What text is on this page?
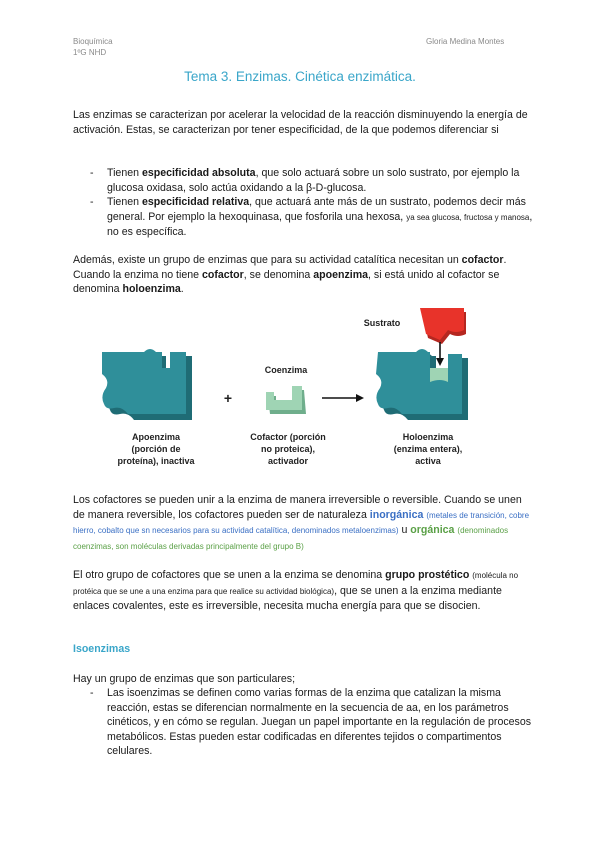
Bioquímica
1ºG NHD
Gloria Medina Montes
Tema 3. Enzimas. Cinética enzimática.
Las enzimas se caracterizan por acelerar la velocidad de la reacción disminuyendo la energía de activación. Estas, se caracterizan por tener especificidad, de la que podemos diferenciar si
- Tienen especificidad absoluta, que solo actuará sobre un solo sustrato, por ejemplo la glucosa oxidasa, solo actúa oxidando a la β-D-glucosa.
- Tienen especificidad relativa, que actuará ante más de un sustrato, podemos decir más general. Por ejemplo la hexoquinasa, que fosforila una hexosa, ya sea glucosa, fructosa y manosa, no es específica.
Además, existe un grupo de enzimas que para su actividad catalítica necesitan un cofactor. Cuando la enzima no tiene cofactor, se denomina apoenzima, si está unido al cofactor se denomina holoenzima.
+
Coenzima
Sustrato
Apoenzima
(porción de
proteína), inactiva
Cofactor (porción
no proteica),
activador
Holoenzima
(enzima entera),
activa
Los cofactores se pueden unir a la enzima de manera irreversible o reversible. Cuando se unen de manera reversible, los cofactores pueden ser de naturaleza inorgánica (metales de transición, cobre hierro, cobalto que sn necesarios para su actividad catalítica, denominados metaloenzimas) u orgánica (denominados coenzimas, son moléculas derivadas principalmente del grupo B)
El otro grupo de cofactores que se unen a la enzima se denomina grupo prostético (molécula no protéica que se une a una enzima para que realice su actividad biológica), que se unen a la enzima mediante enlaces covalentes, este es irreversible, necesita mucha energía para que se disocien.
Isoenzimas
Hay un grupo de enzimas que son particulares;
- Las isoenzimas se definen como varias formas de la enzima que catalizan la misma reacción, estas se diferencian normalmente en la secuencia de aa, en los parámetros cinéticos, y en cómo se regulan. Juegan un papel importante en la regulación de procesos metabólicos. Estas pueden estar codificadas en diferentes tejidos o compartimentos celulares.
